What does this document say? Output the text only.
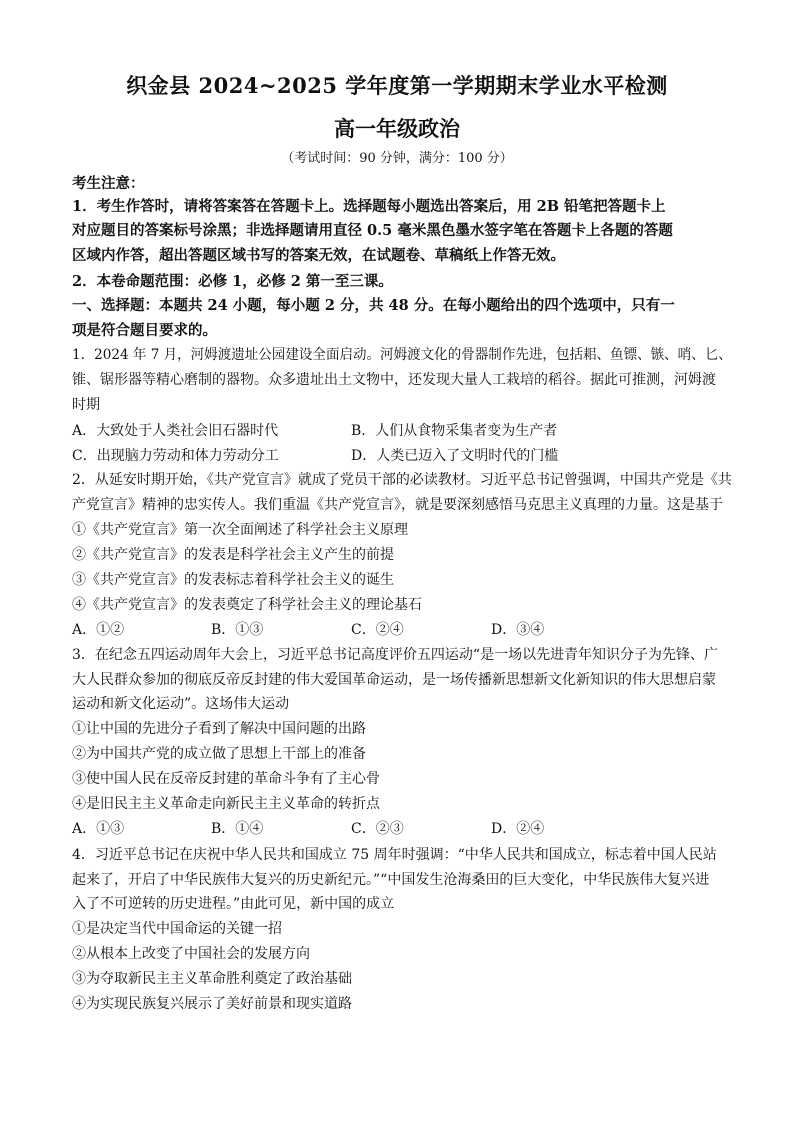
织金县 2024~2025 学年度第一学期期末学业水平检测
高一年级政治
（考试时间：90 分钟，满分：100 分）
考生注意：
1．考生作答时，请将答案答在答题卡上。选择题每小题选出答案后，用 2B 铅笔把答题卡上
对应题目的答案标号涂黑；非选择题请用直径 0.5 毫米黑色墨水签字笔在答题卡上各题的答题
区域内作答，超出答题区域书写的答案无效，在试题卷、草稿纸上作答无效。
2．本卷命题范围：必修 1，必修 2 第一至三课。
一、选择题：本题共 24 小题，每小题 2 分，共 48 分。在每小题给出的四个选项中，只有一
项是符合题目要求的。
1．2024 年 7 月，河姆渡遗址公园建设全面启动。河姆渡文化的骨器制作先进，包括耜、鱼镖、镞、哨、匕、
锥、锯形器等精心磨制的器物。众多遗址出土文物中，还发现大量人工栽培的稻谷。据此可推测，河姆渡
时期
A．大致处于人类社会旧石器时代	B．人们从食物采集者变为生产者
C．出现脑力劳动和体力劳动分工	D．人类已迈入了文明时代的门槛
2．从延安时期开始，《共产党宣言》就成了党员干部的必读教材。习近平总书记曾强调，中国共产党是《共
产党宣言》精神的忠实传人。我们重温《共产党宣言》，就是要深刻感悟马克思主义真理的力量。这是基于
①《共产党宣言》第一次全面阐述了科学社会主义原理
②《共产党宣言》的发表是科学社会主义产生的前提
③《共产党宣言》的发表标志着科学社会主义的诞生
④《共产党宣言》的发表奠定了科学社会主义的理论基石
A．①②	B．①③	C．②④	D．③④
3．在纪念五四运动周年大会上，习近平总书记高度评价五四运动“是一场以先进青年知识分子为先锋、广
大人民群众参加的彻底反帝反封建的伟大爱国革命运动，是一场传播新思想新文化新知识的伟大思想启蒙
运动和新文化运动”。这场伟大运动
①让中国的先进分子看到了解决中国问题的出路
②为中国共产党的成立做了思想上干部上的准备
③使中国人民在反帝反封建的革命斗争有了主心骨
④是旧民主主义革命走向新民主主义革命的转折点
A．①③	B．①④	C．②③	D．②④
4．习近平总书记在庆祝中华人民共和国成立 75 周年时强调：“中华人民共和国成立，标志着中国人民站
起来了，开启了中华民族伟大复兴的历史新纪元。”“中国发生沧海桑田的巨大变化，中华民族伟大复兴进
入了不可逆转的历史进程。”由此可见，新中国的成立
①是决定当代中国命运的关键一招
②从根本上改变了中国社会的发展方向
③为夺取新民主主义革命胜利奠定了政治基础
④为实现民族复兴展示了美好前景和现实道路
